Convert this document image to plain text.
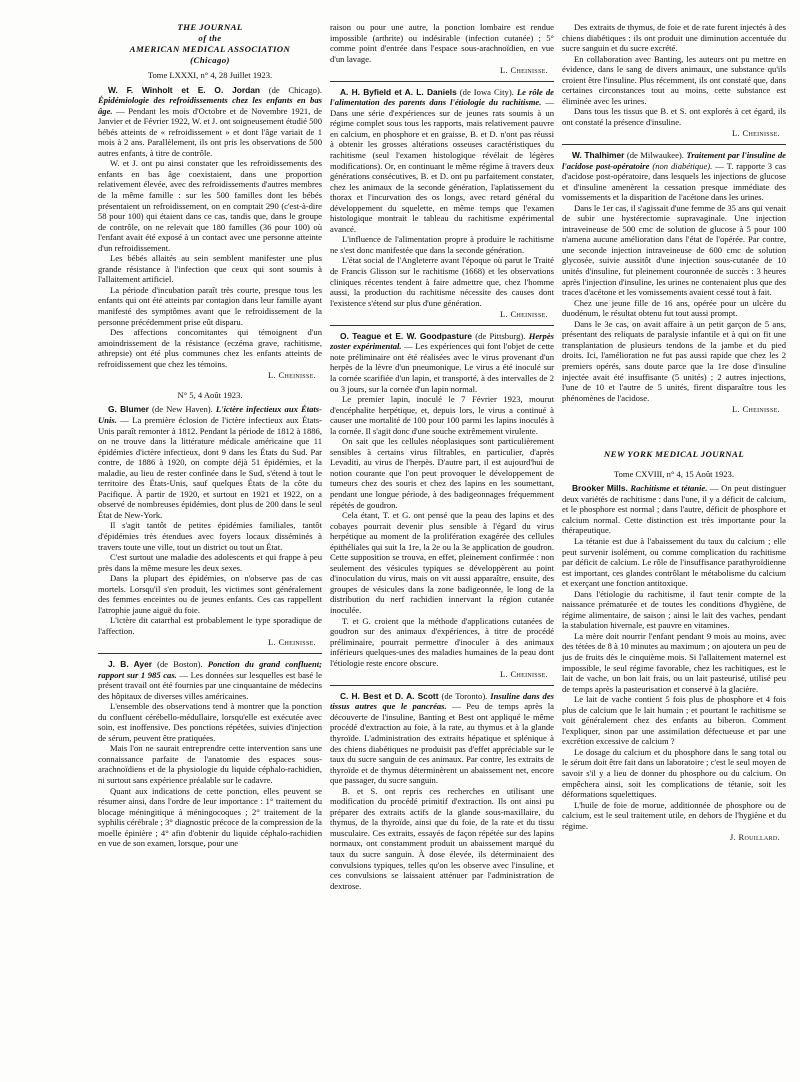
THE JOURNAL
of the
AMERICAN MEDICAL ASSOCIATION
(Chicago)
Tome LXXXI, n° 4, 28 Juillet 1923.

W. F. Winholt et E. O. Jordan (de Chicago). Épidémiologie des refroidissements chez les enfants en bas âge. — Pendant les mois d'Octobre et de Novembre 1921, de Janvier et de Février 1922, W. et J. ont soigneusement étudié 500 bébés atteints de « refroidissement » et dont l'âge variait de 1 mois à 2 ans. Parallèlement, ils ont pris les observations de 500 autres enfants, à titre de contrôle.

W. et J. ont pu ainsi constater que les refroidissements des enfants en bas âge coexistaient, dans une proportion relativement élevée, avec des refroidissements d'autres membres de la même famille : sur les 500 familles dont les bébés présentaient un refroidissement, on en comptait 290 (c'est-à-dire 58 pour 100) qui étaient dans ce cas, tandis que, dans le groupe de contrôle, on ne relevait que 180 familles (36 pour 100) où l'enfant avait été exposé à un contact avec une personne atteinte d'un refroidissement.

Les bébés allaités au sein semblent manifester une plus grande résistance à l'infection que ceux qui sont soumis à l'allaitement artificiel.

La période d'incubation paraît très courte, presque tous les enfants qui ont été atteints par contagion dans leur famille ayant manifesté des symptômes avant que le refroidissement de la personne précédemment prise eût disparu.

Des affections concomitantes qui témoignent d'un amoindrissement de la résistance (eczéma grave, rachitisme, athrepsie) ont été plus communes chez les enfants atteints de refroidissement que chez les témoins.

L. Cheinisse.
N° 5, 4 Août 1923.

G. Blumer (de New Haven). L'ictère infectieux aux États-Unis. — La première éclosion de l'ictère infectieux aux États-Unis paraît remonter à 1812. Pendant la période de 1812 à 1886, on ne trouve dans la littérature médicale américaine que 11 épidémies d'ictère infectieux, dont 9 dans les États du Sud. Par contre, de 1886 à 1920, on compte déjà 51 épidémies, et la maladie, au lieu de rester confinée dans le Sud, s'étend à tout le territoire des États-Unis, sauf quelques États de la côte du Pacifique. À partir de 1920, et surtout en 1921 et 1922, on a observé de nombreuses épidémies, dont plus de 200 dans le seul État de New-York.

Il s'agit tantôt de petites épidémies familiales, tantôt d'épidémies très étendues avec foyers locaux disséminés à travers toute une ville, tout un district ou tout un État.

C'est surtout une maladie des adolescents et qui frappe à peu près dans la même mesure les deux sexes.

Dans la plupart des épidémies, on n'observe pas de cas mortels. Lorsqu'il s'en produit, les victimes sont généralement des femmes enceintes ou de jeunes enfants. Ces cas rappellent l'atrophie jaune aiguë du foie.

L'ictère dit catarrhal est probablement le type sporadique de l'affection.

L. Cheinisse.

J. B. Ayer (de Boston). Ponction du grand confluent; rapport sur 1 985 cas. — Les données sur lesquelles est basé le présent travail ont été fournies par une cinquantaine de médecins des hôpitaux de diverses villes américaines.

L'ensemble des observations tend à montrer que la ponction du confluent cérébello-médullaire, lorsqu'elle est exécutée avec soin, est inoffensive. Des ponctions répétées, suivies d'injection de sérum, peuvent être pratiquées.

Mais l'on ne saurait entreprendre cette intervention sans une connaissance parfaite de l'anatomie des espaces sous-arachnoïdiens et de la physiologie du liquide céphalo-rachidien, ni surtout sans expérience préalable sur le cadavre.

Quant aux indications de cette ponction, elles peuvent se résumer ainsi, dans l'ordre de leur importance : 1° traitement du blocage méningitique à méningocoques ; 2° traitement de la syphilis cérébrale ; 3° diagnostic précoce de la compression de la moelle épinière ; 4° afin d'obtenir du liquide céphalo-rachidien en vue de son examen, lorsque, pour une

raison ou pour une autre, la ponction lombaire est rendue impossible (arthrite) ou indésirable (infection cutanée) ; 5° comme point d'entrée dans l'espace sous-arachnoïdien, en vue d'un lavage.

L. Cheinisse.

A. H. Byfield et A. L. Daniels (de Iowa City). Le rôle de l'alimentation des parents dans l'étiologie du rachitisme. — Dans une série d'expériences sur de jeunes rats soumis à un régime complet sous tous les rapports, mais relativement pauvre en calcium, en phosphore et en graisse, B. et D. n'ont pas réussi à obtenir les grosses altérations osseuses caractéristiques du rachitisme (seul l'examen histologique révélait de légères modifications). Or, en continuant le même régime à travers deux générations consécutives, B. et D. ont pu parfaitement constater, chez les animaux de la seconde génération, l'aplatissement du thorax et l'incurvation des os longs, avec retard général du développement du squelette, en même temps que l'examen histologique montrait le tableau du rachitisme expérimental avancé.

L'influence de l'alimentation propre à produire le rachitisme ne s'est donc manifestée que dans la seconde génération.

L'état social de l'Angleterre avant l'époque où parut le Traité de Francis Glisson sur le rachitisme (1668) et les observations cliniques récentes tendent à faire admettre que, chez l'homme aussi, la production du rachitisme nécessite des causes dont l'existence s'étend sur plus d'une génération.

L. Cheinisse.

O. Teague et E. W. Goodpasture (de Pittsburg). Herpès zoster expérimental. — Les expériences qui font l'objet de cette note préliminaire ont été réalisées avec le virus provenant d'un herpès de la lèvre d'un pneumonique. Le virus a été inoculé sur la cornée scarifiée d'un lapin, et transporté, à des intervalles de 2 ou 3 jours, sur la cornée d'un lapin normal.

Le premier lapin, inoculé le 7 Février 1923, mourut d'encéphalite herpétique, et, depuis lors, le virus a continué à causer une mortalité de 100 pour 100 parmi les lapins inoculés à la cornée. Il s'agit donc d'une souche extrêmement virulente.

On sait que les cellules néoplasiques sont particulièrement sensibles à certains virus filtrables, en particulier, d'après Levaditi, au virus de l'herpès. D'autre part, il est aujourd'hui de notion courante que l'on peut provoquer le développement de tumeurs chez des souris et chez des lapins en les soumettant, pendant une longue période, à des badigeonnages fréquemment répétés de goudron.

Cela étant, T. et G. ont pensé que la peau des lapins et des cobayes pourrait devenir plus sensible à l'égard du virus herpétique au moment de la prolifération exagérée des cellules épithéliales qui suit la 1re, la 2e ou la 3e application de goudron. Cette supposition se trouva, en effet, pleinement confirmée : non seulement des vésicules typiques se développèrent au point d'inoculation du virus, mais on vit aussi apparaître, ensuite, des groupes de vésicules dans la zone badigeonnée, le long de la distribution du nerf rachidien innervant la région cutanée inoculée.

T. et G. croient que la méthode d'applications cutanées de goudron sur des animaux d'expériences, à titre de procédé préliminaire, pourrait permettre d'inoculer à des animaux inférieurs quelques-unes des maladies humaines de la peau dont l'étiologie reste encore obscure.

L. Cheinisse.

C. H. Best et D. A. Scott (de Toronto). Insuline dans des tissus autres que le pancréas. — Peu de temps après la découverte de l'insuline, Banting et Best ont appliqué le même procédé d'extraction au foie, à la rate, au thymus et à la glande thyroïde. L'administration des extraits hépatique et splénique à des chiens diabétiques ne produisit pas d'effet appréciable sur le taux du sucre sanguin de ces animaux. Par contre, les extraits de thyroïde et de thymus déterminèrent un abaissement net, encore que passager, du sucre sanguin.

B. et S. ont repris ces recherches en utilisant une modification du procédé primitif d'extraction. Ils ont ainsi pu préparer des extraits actifs de la glande sous-maxillaire, du thymus, de la thyroïde, ainsi que du foie, de la rate et du tissu musculaire. Ces extraits, essayés de façon répétée sur des lapins normaux, ont constamment produit un abaissement marqué du taux du sucre sanguin. À dose élevée, ils déterminaient des convulsions typiques, telles qu'on les observe avec l'insuline, et ces convulsions se laissaient atténuer par l'administration de dextrose.

Des extraits de thymus, de foie et de rate furent injectés à des chiens diabétiques : ils ont produit une diminution accentuée du sucre sanguin et du sucre excrété.

En collaboration avec Banting, les auteurs ont pu mettre en évidence, dans le sang de divers animaux, une substance qu'ils croient être l'insuline. Plus récemment, ils ont constaté que, dans certaines circonstances tout au moins, cette substance est éliminée avec les urines.

Dans tous les tissus que B. et S. ont explorés à cet égard, ils ont constaté la présence d'insuline.

L. Cheinisse.

W. Thalhimer (de Milwaukee). Traitement par l'insuline de l'acidose post-opératoire (non diabétique). — T. rapporte 3 cas d'acidose post-opératoire, dans lesquels les injections de glucose et d'insuline amenèrent la cessation presque immédiate des vomissements et la disparition de l'acétone dans les urines.

Dans le 1er cas, il s'agissait d'une femme de 35 ans qui venait de subir une hystérectomie supravaginale. Une injection intraveineuse de 500 cmc de solution de glucose à 5 pour 100 n'amena aucune amélioration dans l'état de l'opérée. Par contre, une seconde injection intraveineuse de 600 cmc de solution glycosée, suivie aussitôt d'une injection sous-cutanée de 10 unités d'insuline, fut pleinement couronnée de succès : 3 heures après l'injection d'insuline, les urines ne contenaient plus que des traces d'acétone et les vomissements avaient cessé tout à fait.

Chez une jeune fille de 16 ans, opérée pour un ulcère du duodénum, le résultat obtenu fut tout aussi prompt.

Dans le 3e cas, on avait affaire à un petit garçon de 5 ans, présentant des reliquats de paralysie infantile et à qui on fit une transplantation de plusieurs tendons de la jambe et du pied droits. Ici, l'amélioration ne fut pas aussi rapide que chez les 2 premiers opérés, sans doute parce que la 1re dose d'insuline injectée avait été insuffisante (5 unités) ; 2 autres injections, l'une de 10 et l'autre de 5 unités, firent disparaître tous les phénomènes de l'acidose.

L. Cheinisse.
NEW YORK MEDICAL JOURNAL
Tome CXVIII, n° 4, 15 Août 1923.

Brooker Mills. Rachitisme et tétanie. — On peut distinguer deux variétés de rachitisme : dans l'une, il y a déficit de calcium, et le phosphore est normal ; dans l'autre, déficit de phosphore et calcium normal. Cette distinction est très importante pour la thérapeutique.

La tétanie est due à l'abaissement du taux du calcium ; elle peut survenir isolément, ou comme complication du rachitisme par déficit de calcium. Le rôle de l'insuffisance parathyroïdienne est important, ces glandes contrôlant le métabolisme du calcium et exerçant une fonction antitoxique.

Dans l'étiologie du rachitisme, il faut tenir compte de la naissance prématurée et de toutes les conditions d'hygiène, de régime alimentaire, de saison ; ainsi le lait des vaches, pendant la stabulation hivernale, est pauvre en vitamines.

La mère doit nourrir l'enfant pendant 9 mois au moins, avec des tétées de 8 à 10 minutes au maximum ; on ajoutera un peu de jus de fruits dès le cinquième mois. Si l'allaitement maternel est impossible, le seul régime favorable, chez les rachitiques, est le lait de vache, un bon lait frais, ou un lait pasteurisé, utilisé peu de temps après la pasteurisation et conservé à la glacière.

Le lait de vache contient 5 fois plus de phosphore et 4 fois plus de calcium que le lait humain ; et pourtant le rachitisme se voit généralement chez des enfants au biberon. Comment l'expliquer, sinon par une assimilation défectueuse et par une excrétion excessive de calcium ?

Le dosage du calcium et du phosphore dans le sang total ou le sérum doit être fait dans un laboratoire ; c'est le seul moyen de savoir s'il y a lieu de donner du phosphore ou du calcium. On empêchera ainsi, soit les complications de tétanie, soit les déformations squelettiques.

L'huile de foie de morue, additionnée de phosphore ou de calcium, est le seul traitement utile, en dehors de l'hygiène et du régime.

J. Rouillard.
